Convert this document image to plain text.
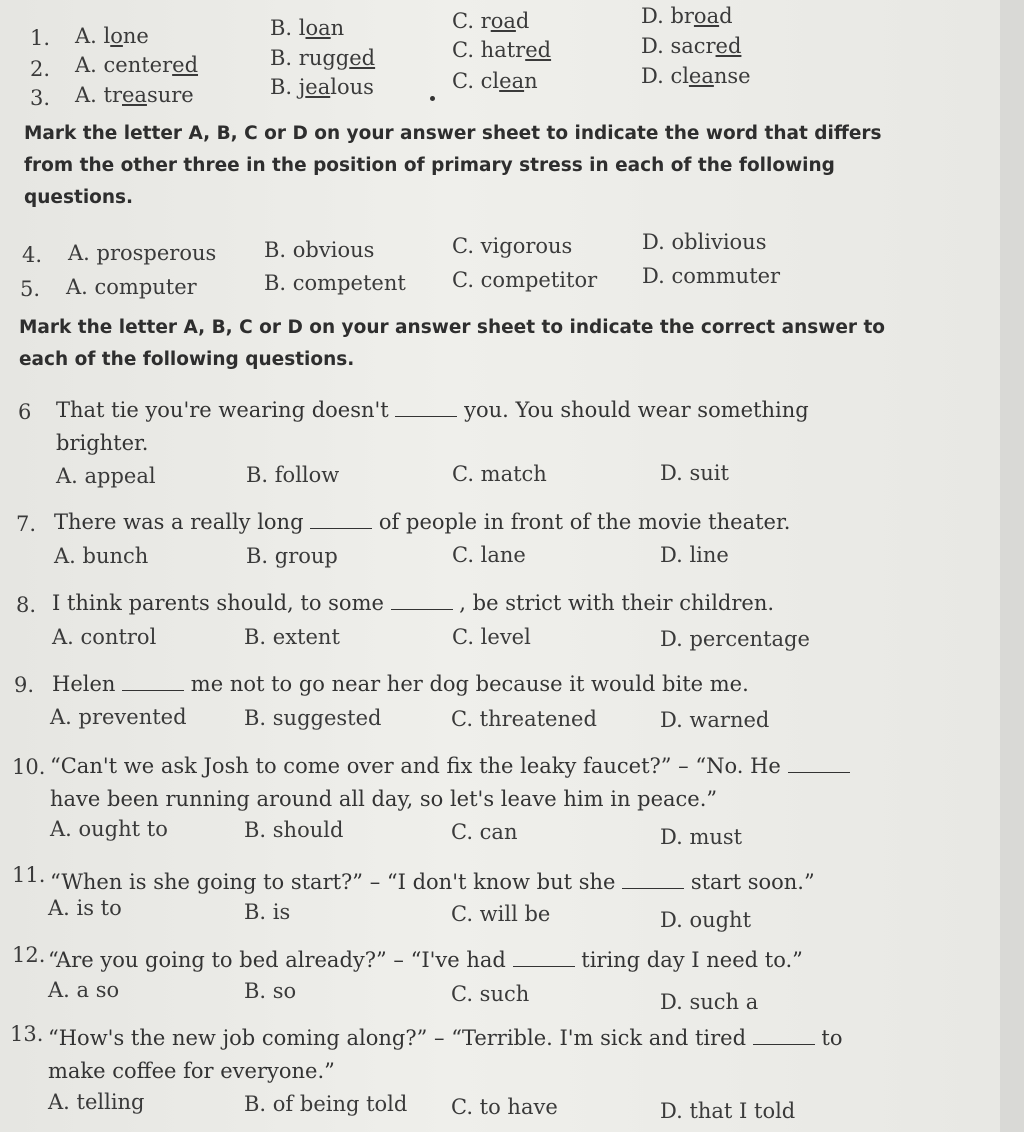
1. A. lone	B. loan	C. road	D. broad
2. A. centered	B. rugged	C. hatred	D. sacred
3. A. treasure	B. jealous	C. clean	D. cleanse
Mark the letter A, B, C or D on your answer sheet to indicate the word that differs from the other three in the position of primary stress in each of the following questions.
4. A. prosperous B. obvious	C. vigorous	D. oblivious
5. A. computer	B. competent C. competitor D. commuter
Mark the letter A, B, C or D on your answer sheet to indicate the correct answer to each of the following questions.
6 That tie you're wearing doesn't	you. You should wear something brighter.
A. appeal	B. follow	C. match	D. suit
7. There was a really long	of people in front of the movie theater.
A. bunch	B. group	C. lane	D. line
8. I think parents should, to some	, be strict with their children.
A. control	B. extent	C. level	D. percentage
9. Helen	me not to go near her dog because it would bite me.
A. prevented	B. suggested	C. threatened	D. warned
10. “Can't we ask Josh to come over and fix the leaky faucet?” – “No. He  have been running around all day, so let's leave him in peace.”
A. ought to	B. should	C. can	D. must
11. “When is she going to start?” – “I don't know but she	start soon.”
A. is to	B. is	C. will be	D. ought
12. “Are you going to bed already?” – “I've had	tiring day I need to.”
A. a so	B. so	C. such	D. such a
13. “How's the new job coming along?” – “Terrible. I'm sick and tired	to make coffee for everyone.”
A. telling	B. of being told C. to have	D. that I told
